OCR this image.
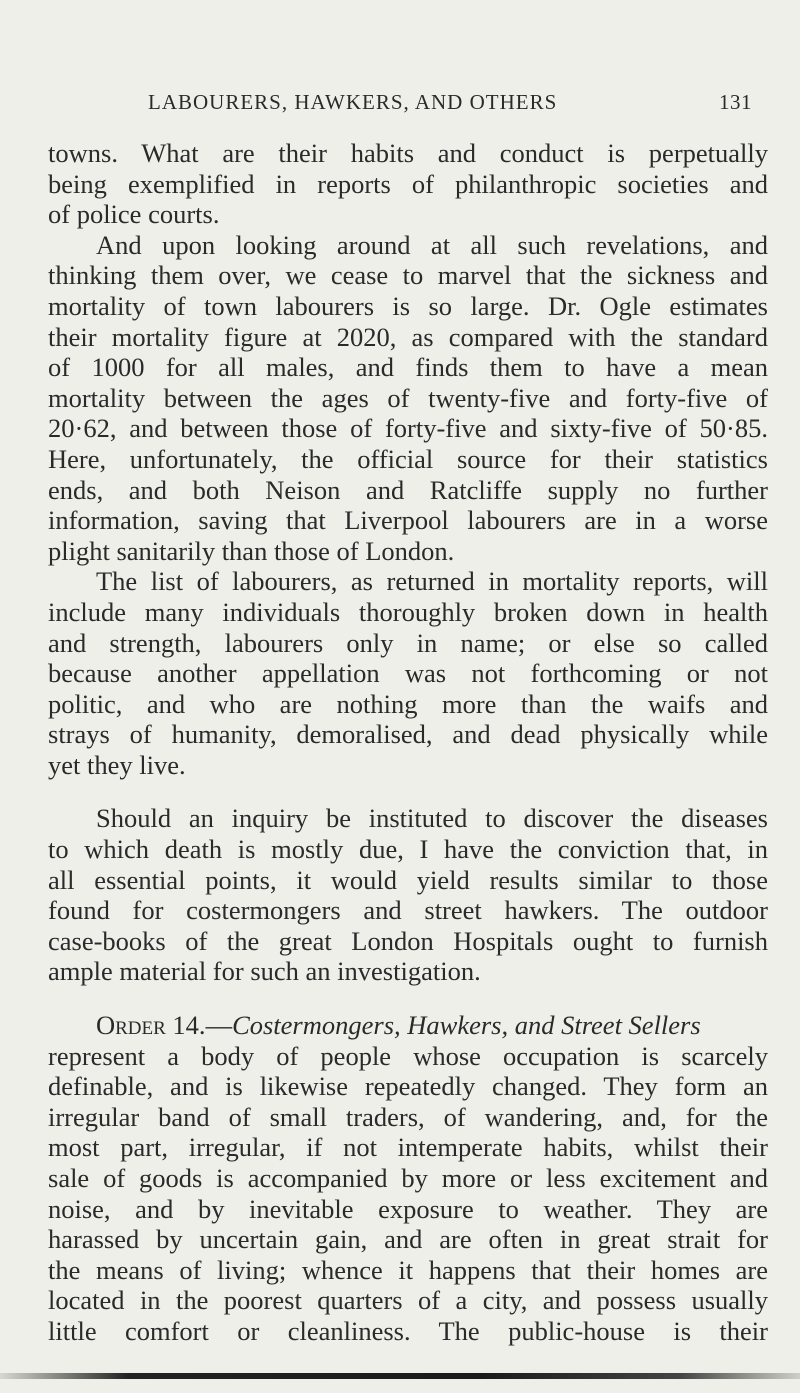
LABOURERS, HAWKERS, AND OTHERS	131
towns. What are their habits and conduct is perpetually
being exemplified in reports of philanthropic societies and
of police courts.
And upon looking around at all such revelations, and
thinking them over, we cease to marvel that the sickness and
mortality of town labourers is so large. Dr. Ogle estimates
their mortality figure at 2020, as compared with the standard
of 1000 for all males, and finds them to have a mean
mortality between the ages of twenty-five and forty-five of
20·62, and between those of forty-five and sixty-five of 50·85.
Here, unfortunately, the official source for their statistics
ends, and both Neison and Ratcliffe supply no further
information, saving that Liverpool labourers are in a worse
plight sanitarily than those of London.
The list of labourers, as returned in mortality reports, will
include many individuals thoroughly broken down in health
and strength, labourers only in name; or else so called
because another appellation was not forthcoming or not
politic, and who are nothing more than the waifs and
strays of humanity, demoralised, and dead physically while
yet they live.
Should an inquiry be instituted to discover the diseases
to which death is mostly due, I have the conviction that, in
all essential points, it would yield results similar to those
found for costermongers and street hawkers. The outdoor
case-books of the great London Hospitals ought to furnish
ample material for such an investigation.
Order 14.—Costermongers, Hawkers, and Street Sellers
represent a body of people whose occupation is scarcely
definable, and is likewise repeatedly changed. They form an
irregular band of small traders, of wandering, and, for the
most part, irregular, if not intemperate habits, whilst their
sale of goods is accompanied by more or less excitement and
noise, and by inevitable exposure to weather. They are
harassed by uncertain gain, and are often in great strait for
the means of living; whence it happens that their homes are
located in the poorest quarters of a city, and possess usually
little comfort or cleanliness. The public-house is their
